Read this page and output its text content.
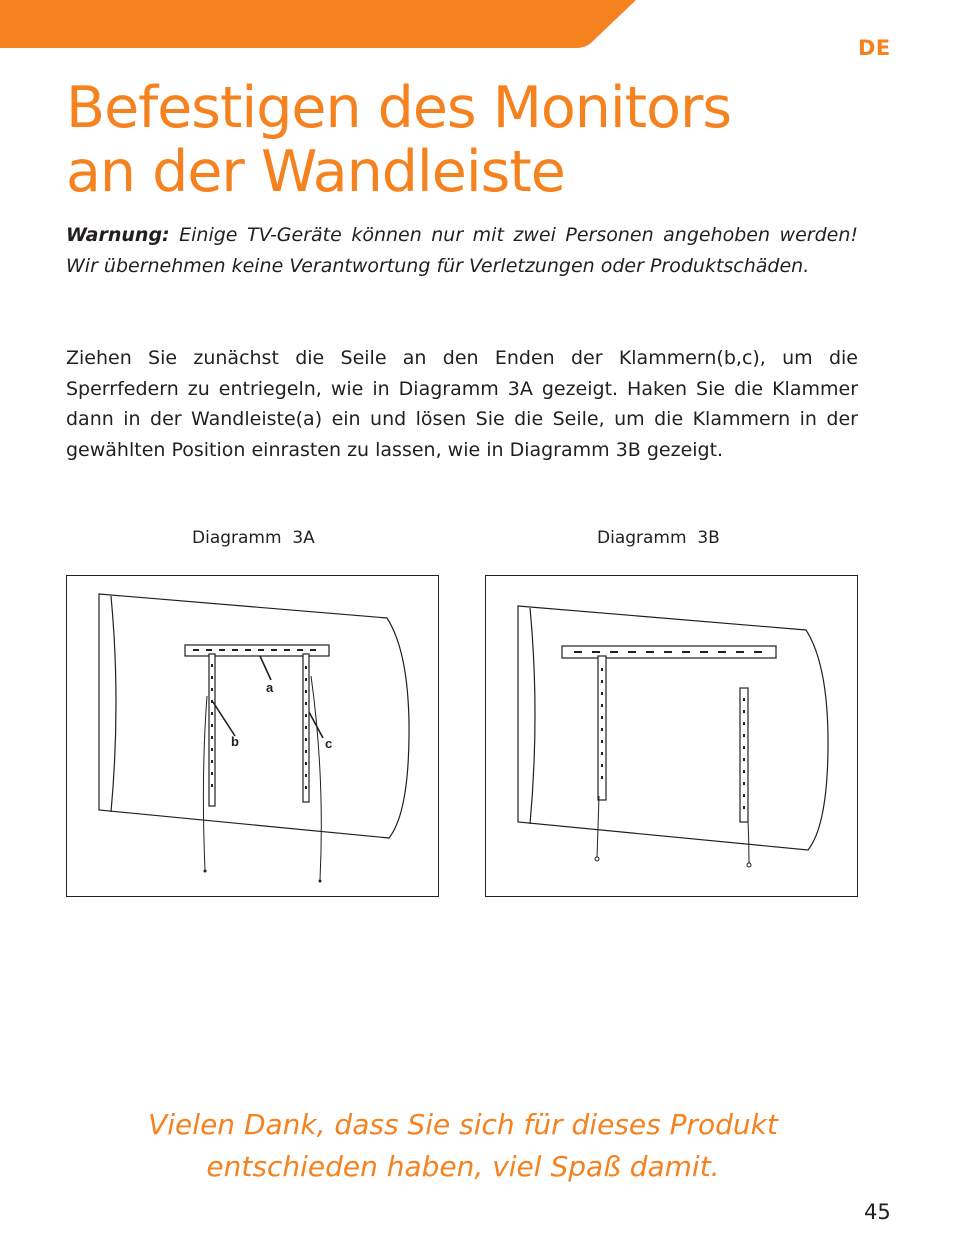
DE
Befestigen des Monitors
an der Wandleiste

Warnung: Einige TV-Geräte können nur mit zwei Personen angehoben werden! Wir übernehmen keine Verantwortung für Verletzungen oder Produktschäden.

Ziehen Sie zunächst die Seile an den Enden der Klammern(b,c), um die Sperrfedern zu entriegeln, wie in Diagramm 3A gezeigt. Haken Sie die Klammer dann in der Wandleiste(a) ein und lösen Sie die Seile, um die Klammern in der gewählten Position einrasten zu lassen, wie in Diagramm 3B gezeigt.

Diagramm  3A	Diagramm  3B
a
b	c

Vielen Dank, dass Sie sich für dieses Produkt
entschieden haben, viel Spaß damit.

45
